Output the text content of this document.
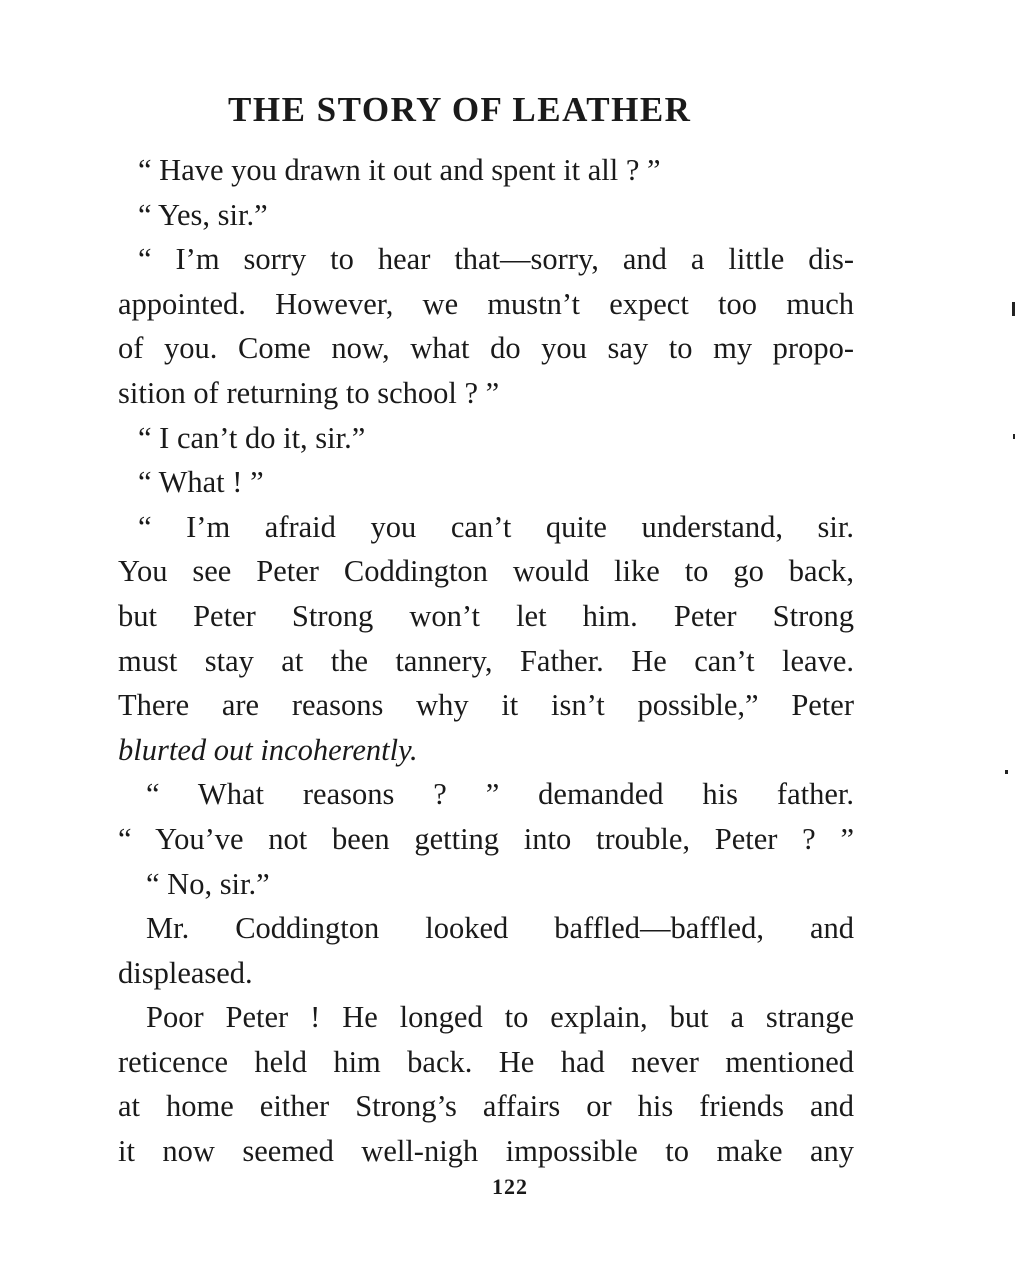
THE STORY OF LEATHER
“ Have you drawn it out and spent it all ? ”
“ Yes, sir.”
“ I’m sorry to hear that—sorry, and a little dis-
appointed. However, we mustn’t expect too much
of you. Come now, what do you say to my propo-
sition of returning to school ? ”
“ I can’t do it, sir.”
“ What ! ”
“ I’m afraid you can’t quite understand, sir.
You see Peter Coddington would like to go back,
but Peter Strong won’t let him. Peter Strong
must stay at the tannery, Father. He can’t leave.
There are reasons why it isn’t possible,” Peter
blurted out incoherently.
“ What reasons ? ” demanded his father.
“ You’ve not been getting into trouble, Peter ? ”
“ No, sir.”
Mr. Coddington looked baffled—baffled, and
displeased.
Poor Peter ! He longed to explain, but a strange
reticence held him back. He had never mentioned
at home either Strong’s affairs or his friends and
it now seemed well-nigh impossible to make any
122
